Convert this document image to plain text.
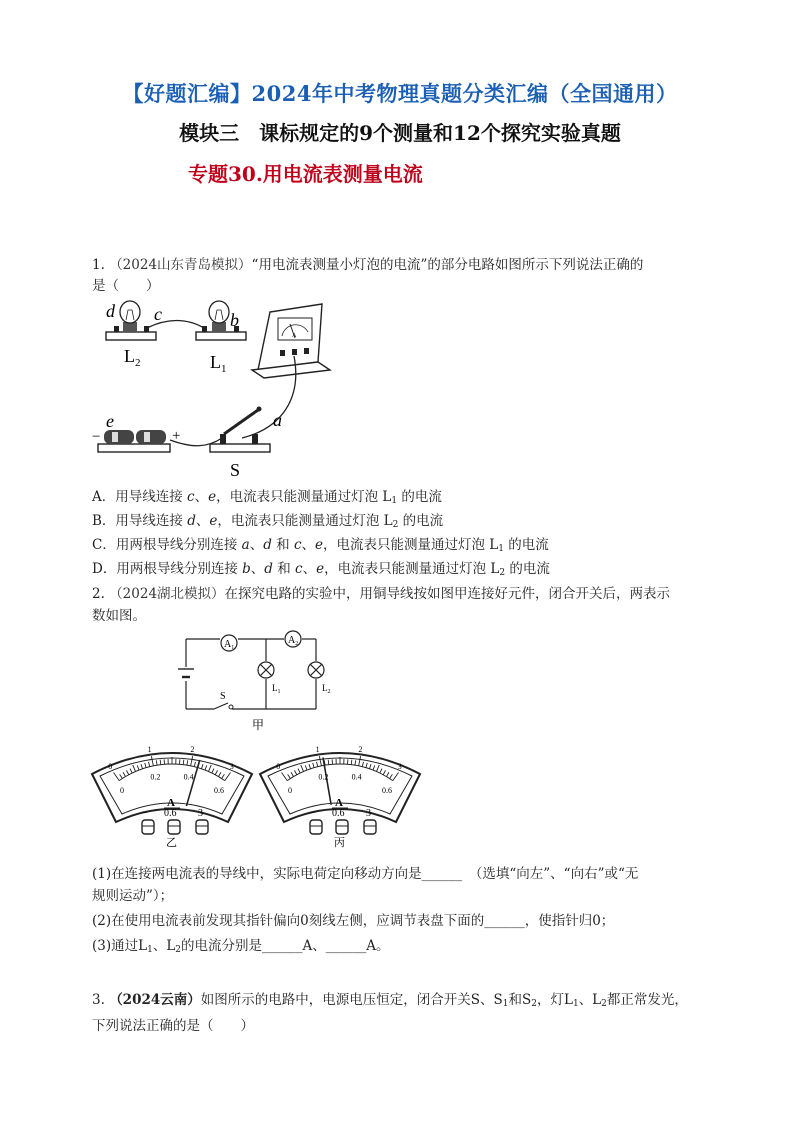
【好题汇编】2024年中考物理真题分类汇编（全国通用）
模块三　课标规定的9个测量和12个探究实验真题
专题30.用电流表测量电流
1. （2024山东青岛模拟）“用电流表测量小灯泡的电流”的部分电路如图所示下列说法正确的
是（　　）
A
d c	b
a
e
−	+
$L_2$	$L_1$
S
A．用导线连接 c、e，电流表只能测量通过灯泡 $L_1$ 的电流
B．用导线连接 d、e，电流表只能测量通过灯泡 $L_2$ 的电流
C．用两根导线分别连接 a、d 和 c、e，电流表只能测量通过灯泡 $L_1$ 的电流
D．用两根导线分别连接 b、d 和 c、e，电流表只能测量通过灯泡 $L_2$ 的电流
2. （2024湖北模拟）在探究电路的实验中，用铜导线按如图甲连接好元件，闭合开关后，两表示
数如图。
$A_1$
$A_2$
$L_1$	$L_2$
S
甲
0
1	2
3
0
0.2	0.4
0.6
A
− 0.6 3
乙
0
1	2
3
0
0.2	0.4
0.6
A
− 0.6 3
丙
(1)在连接两电流表的导线中，实际电荷定向移动方向是______　（选填“向左”、“向右”或“无
规则运动”）；
(2)在使用电流表前发现其指针偏向0刻线左侧，应调节表盘下面的______，使指针归0；
(3)通过$L_1$、$L_2$的电流分别是______A、______A。
3. （2024云南）如图所示的电路中，电源电压恒定，闭合开关S、$S_1$和$S_2$，灯$L_1$、$L_2$都正常发光，
下列说法正确的是（　　）
